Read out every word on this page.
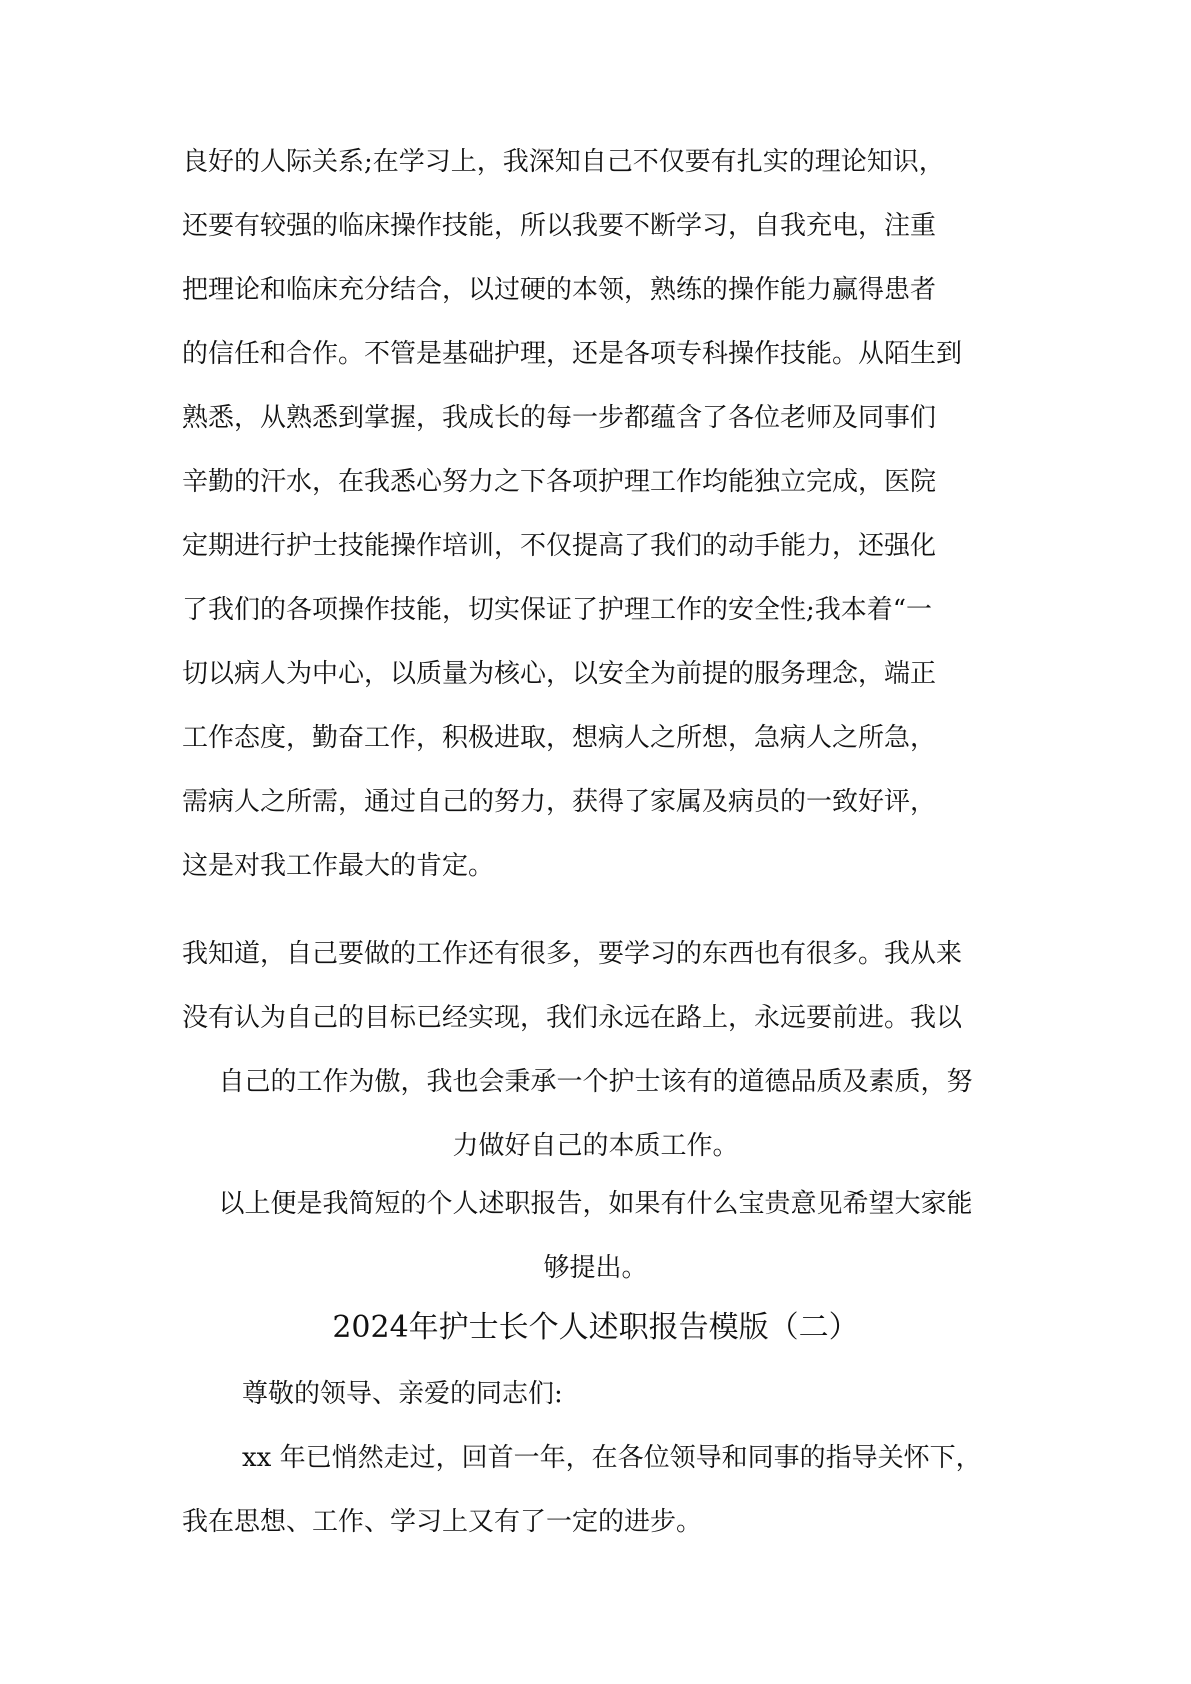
良好的人际关系;在学习上，我深知自己不仅要有扎实的理论知识，
还要有较强的临床操作技能，所以我要不断学习，自我充电，注重
把理论和临床充分结合，以过硬的本领，熟练的操作能力赢得患者
的信任和合作。不管是基础护理，还是各项专科操作技能。从陌生到
熟悉，从熟悉到掌握，我成长的每一步都蕴含了各位老师及同事们
辛勤的汗水，在我悉心努力之下各项护理工作均能独立完成，医院
定期进行护士技能操作培训，不仅提高了我们的动手能力，还强化
了我们的各项操作技能，切实保证了护理工作的安全性;我本着“一
切以病人为中心，以质量为核心，以安全为前提的服务理念，端正
工作态度，勤奋工作，积极进取，想病人之所想，急病人之所急，
需病人之所需，通过自己的努力，获得了家属及病员的一致好评，
这是对我工作最大的肯定。
我知道，自己要做的工作还有很多，要学习的东西也有很多。我从来
没有认为自己的目标已经实现，我们永远在路上，永远要前进。我以
自己的工作为傲，我也会秉承一个护士该有的道德品质及素质，努
力做好自己的本质工作。
以上便是我简短的个人述职报告，如果有什么宝贵意见希望大家能
够提出。
2024年护士长个人述职报告模版（二）
尊敬的领导、亲爱的同志们:
xx 年已悄然走过，回首一年，在各位领导和同事的指导关怀下，
我在思想、工作、学习上又有了一定的进步。
